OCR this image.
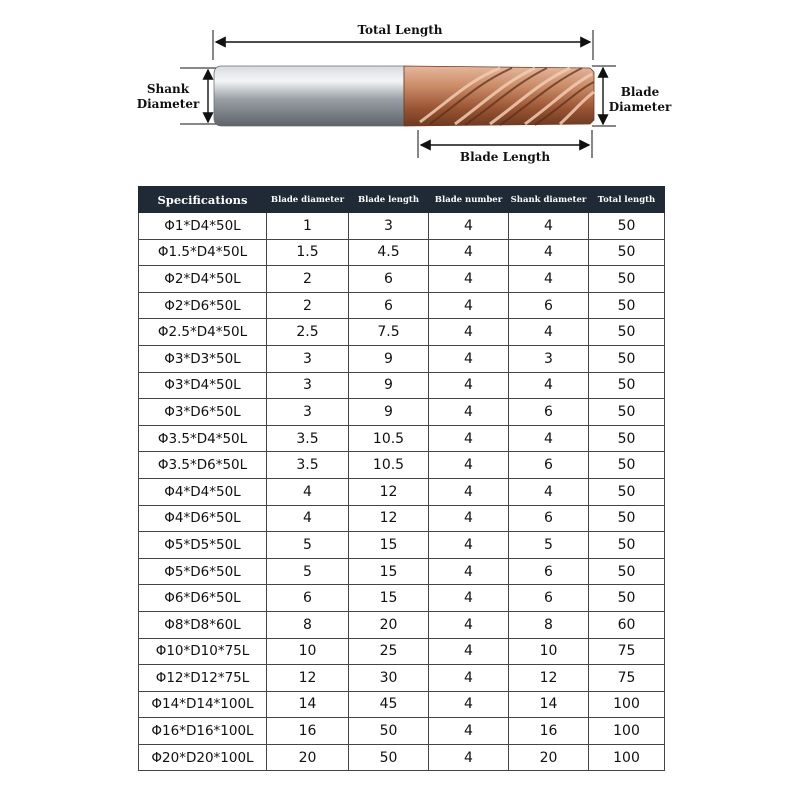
Total Length
Shank
Diameter
Blade
Diameter
Blade Length
Specifications	Blade diameter	Blade length	Blade number	Shank diameter	Total length
Φ1*D4*50L	1	3	4	4	50
Φ1.5*D4*50L	1.5	4.5	4	4	50
Φ2*D4*50L	2	6	4	4	50
Φ2*D6*50L	2	6	4	6	50
Φ2.5*D4*50L	2.5	7.5	4	4	50
Φ3*D3*50L	3	9	4	3	50
Φ3*D4*50L	3	9	4	4	50
Φ3*D6*50L	3	9	4	6	50
Φ3.5*D4*50L	3.5	10.5	4	4	50
Φ3.5*D6*50L	3.5	10.5	4	6	50
Φ4*D4*50L	4	12	4	4	50
Φ4*D6*50L	4	12	4	6	50
Φ5*D5*50L	5	15	4	5	50
Φ5*D6*50L	5	15	4	6	50
Φ6*D6*50L	6	15	4	6	50
Φ8*D8*60L	8	20	4	8	60
Φ10*D10*75L	10	25	4	10	75
Φ12*D12*75L	12	30	4	12	75
Φ14*D14*100L	14	45	4	14	100
Φ16*D16*100L	16	50	4	16	100
Φ20*D20*100L	20	50	4	20	100
